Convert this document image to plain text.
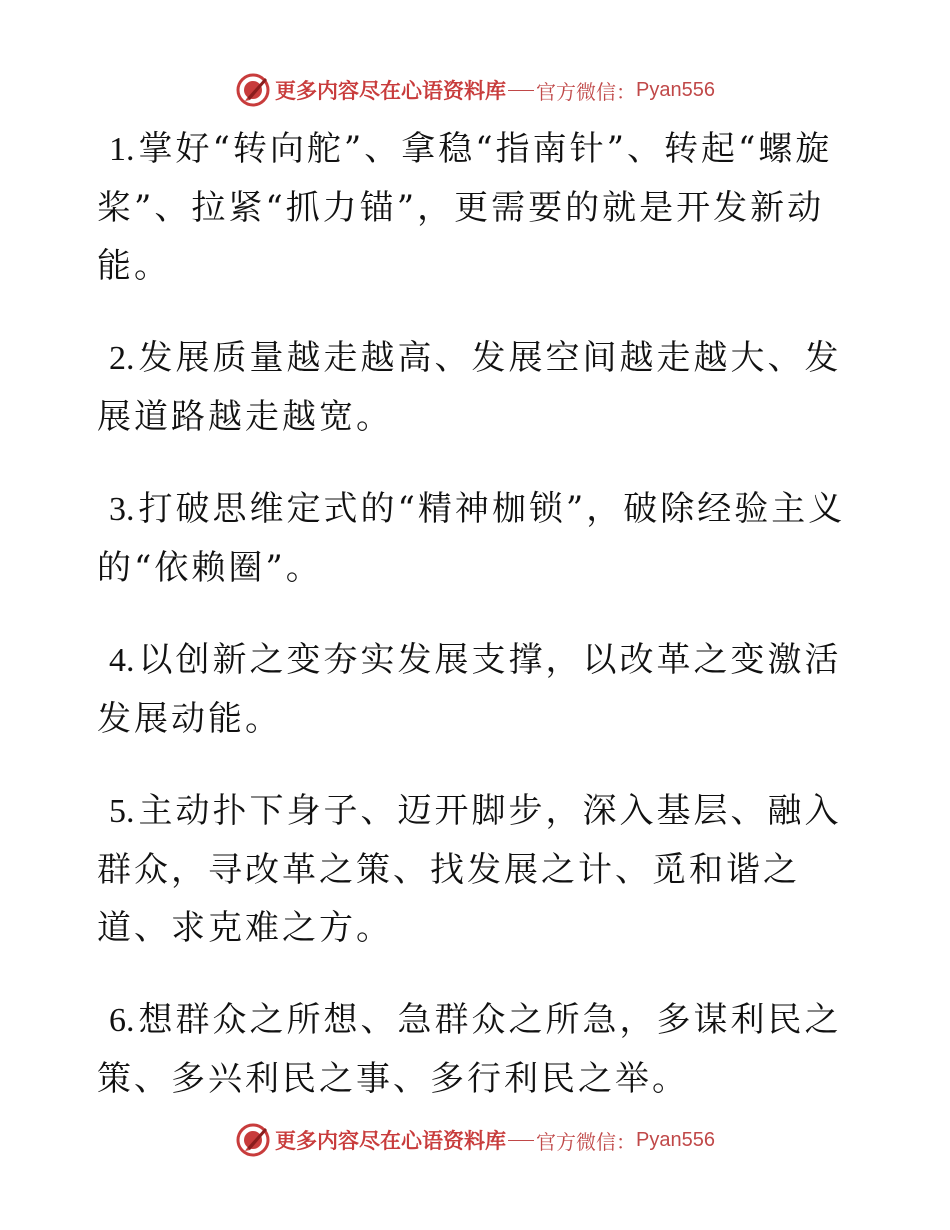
更多内容尽在心语资料库 官方微信： Pyan556

1. 掌好“转向舵”、拿稳“指南针”、转起“螺旋桨”、拉紧“抓力锚”，更需要的就是开发新动能。

2. 发展质量越走越高、发展空间越走越大、发展道路越走越宽。

3. 打破思维定式的“精神枷锁”，破除经验主义的“依赖圈”。

4. 以创新之变夯实发展支撑，以改革之变激活发展动能。

5. 主动扑下身子、迈开脚步，深入基层、融入群众，寻改革之策、找发展之计、觅和谐之道、求克难之方。

6. 想群众之所想、急群众之所急，多谋利民之策、多兴利民之事、多行利民之举。

更多内容尽在心语资料库 官方微信： Pyan556
